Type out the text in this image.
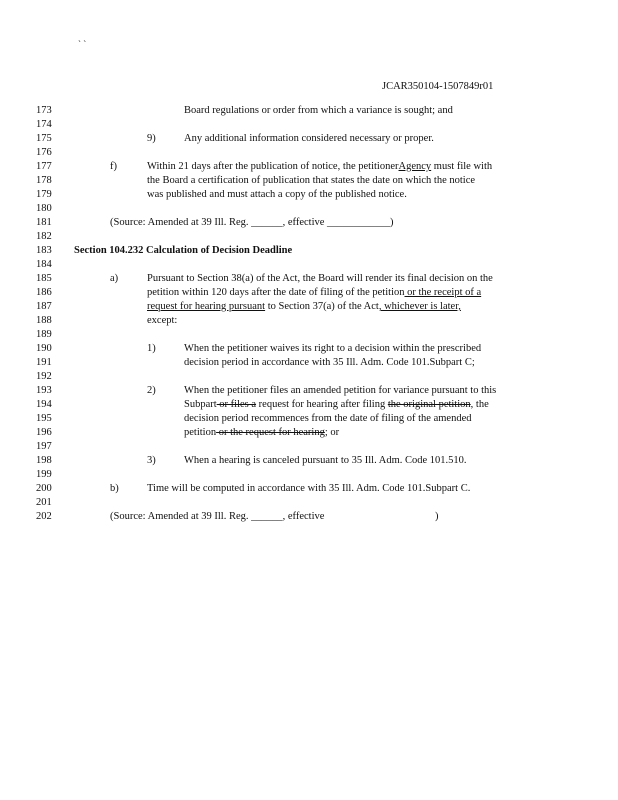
` `
JCAR350104-1507849r01
173
174
175
176
177
178
179
180
181
182
183
184
185
186
187
188
189
190
191
192
193
194
195
196
197
198
199
200
201
202
Board regulations or order from which a variance is sought; and
9)	Any additional information considered necessary or proper.
f)	Within 21 days after the publication of notice, the petitionerAgency must file with
the Board a certification of publication that states the date on which the notice
was published and must attach a copy of the published notice.
(Source: Amended at 39 Ill. Reg. ______, effective ____________)
Section 104.232 Calculation of Decision Deadline
a)	Pursuant to Section 38(a) of the Act, the Board will render its final decision on the
petition within 120 days after the date of filing of the petition or the receipt of a
request for hearing pursuant to Section 37(a) of the Act, whichever is later,
except:
1)	When the petitioner waives its right to a decision within the prescribed
decision period in accordance with 35 Ill. Adm. Code 101.Subpart C;
2)	When the petitioner files an amended petition for variance pursuant to this
Subpart or files a request for hearing after filing the original petition, the
decision period recommences from the date of filing of the amended
petition or the request for hearing; or
3)	When a hearing is canceled pursuant to 35 Ill. Adm. Code 101.510.
b)	Time will be computed in accordance with 35 Ill. Adm. Code 101.Subpart C.
(Source: Amended at 39 Ill. Reg. ______, effective	)
